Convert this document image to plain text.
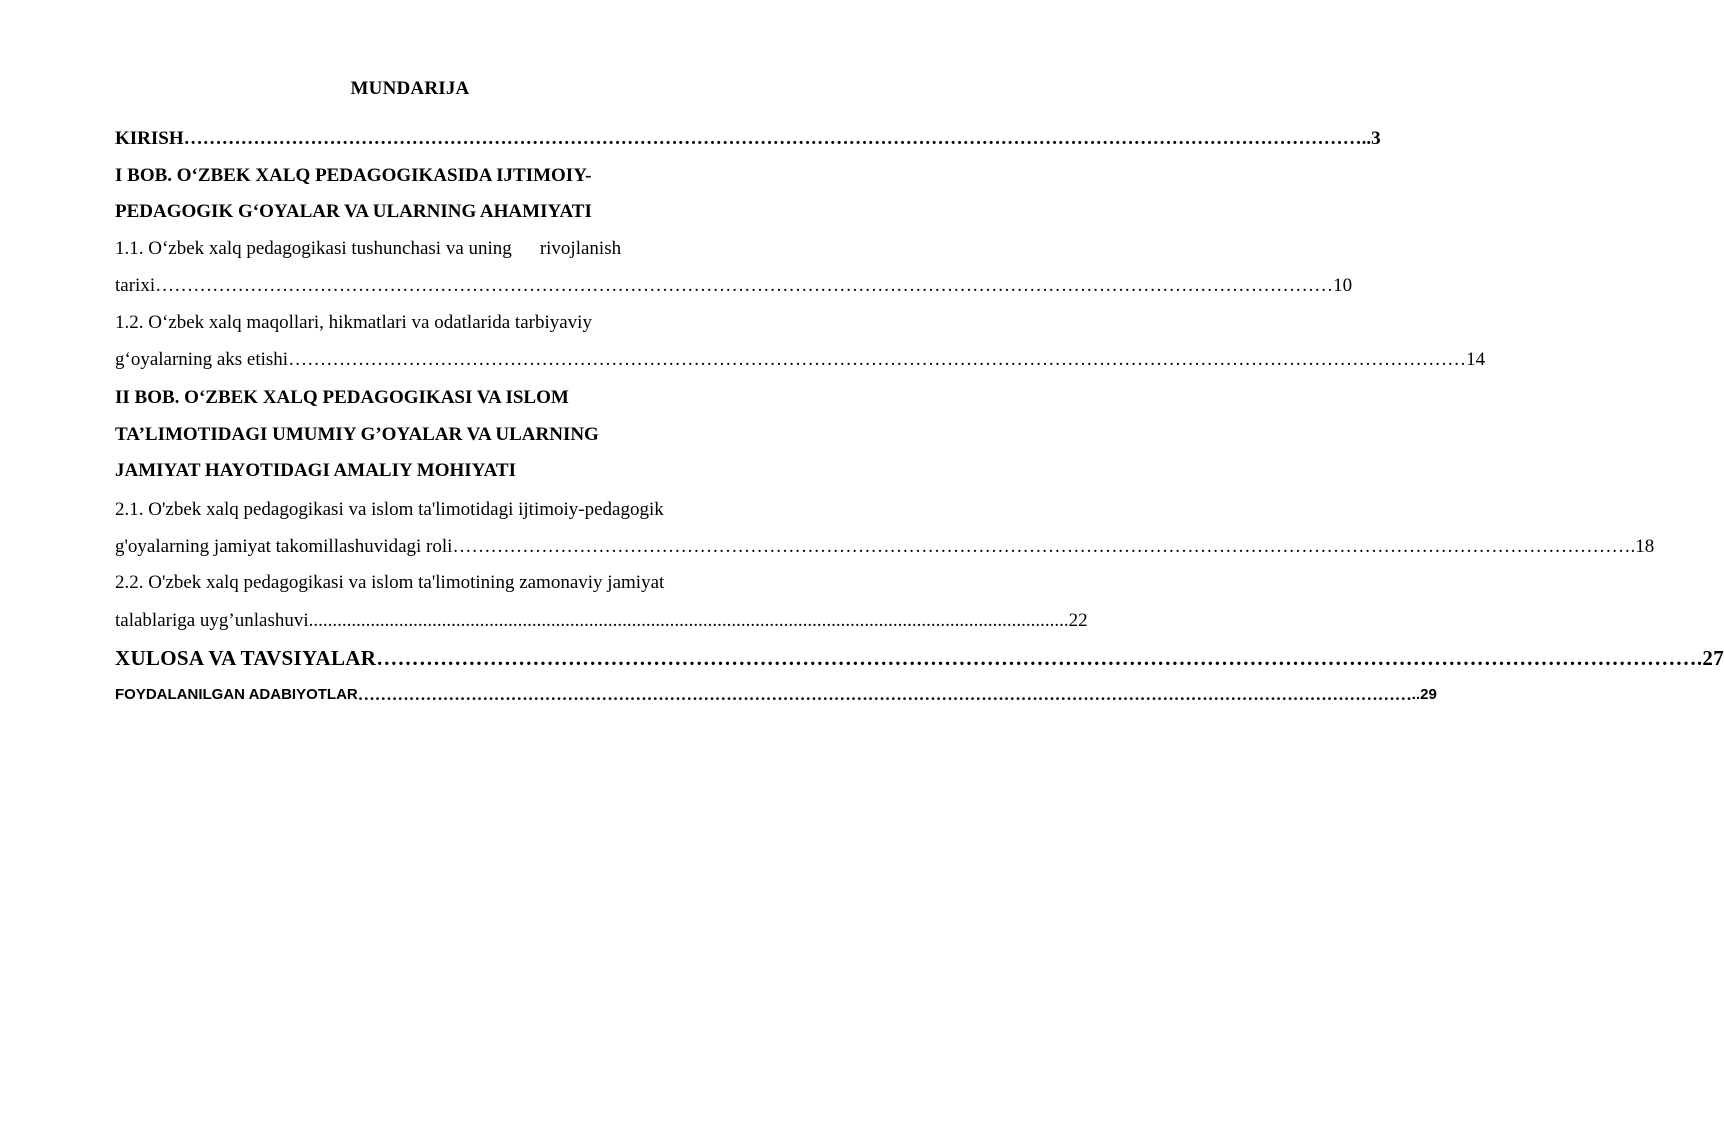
MUNDARIJA
KIRISH …………………………………………………………………………………………………………………………………………………………………… ..3
I BOB. O‘ZBEK XALQ PEDAGOGIKASIDA IJTIMOIY-
PEDAGOGIK G‘OYALAR VA ULARNING AHAMIYATI
1.1. O‘zbek xalq pedagogikasi tushunchasi va uning rivojlanish
tarixi …………………………………………………………………………………………………………………………………………………………………… 10
1.2. O‘zbek xalq maqollari, hikmatlari va odatlarida tarbiyaviy
g‘oyalarning aks etishi …………………………………………………………………………………………………………………………………………………………………… 14
II BOB. O‘ZBEK XALQ PEDAGOGIKASI VA ISLOM
TA’LIMOTIDAGI UMUMIY G’OYALAR VA ULARNING
JAMIYAT HAYOTIDAGI AMALIY MOHIYATI
2.1. O'zbek xalq pedagogikasi va islom ta'limotidagi ijtimoiy-pedagogik
g'oyalarning jamiyat takomillashuvidagi roli …………………………………………………………………………………………………………………………………………………………………… .18
2.2. O'zbek xalq pedagogikasi va islom ta'limotining zamonaviy jamiyat
talablariga uyg’unlashuvi ................................................................................................................................................................ 22
XULOSA VA TAVSIYALAR …………………………………………………………………………………………………………………………………………………………………… .27
FOYDALANILGAN ADABIYOTLAR …………………………………………………………………………………………………………………………………………………………………… ..29
